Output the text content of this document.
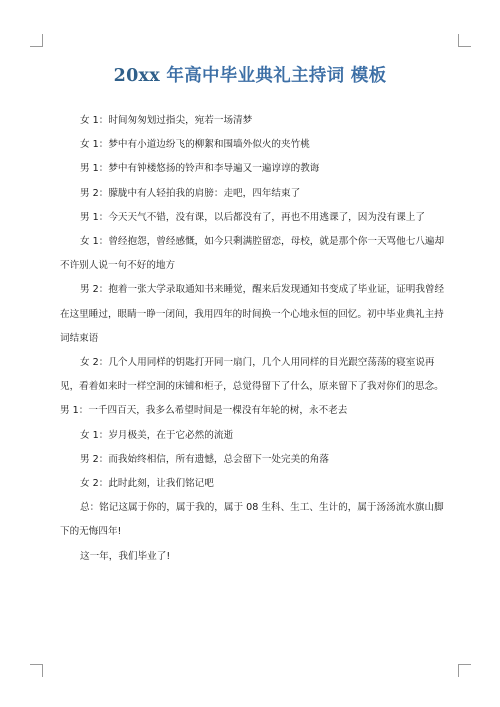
20xx 年高中毕业典礼主持词 模板

女 1：时间匆匆划过指尖，宛若一场清梦

女 1：梦中有小道边纷飞的柳絮和围墙外似火的夹竹桃

男 1：梦中有钟楼悠扬的铃声和李导遍又一遍谆谆的教诲

男 2：朦胧中有人轻拍我的肩膀：走吧，四年结束了

男 1：今天天气不错，没有课，以后都没有了，再也不用逃课了，因为没有课上了

女 1：曾经抱怨，曾经感慨，如今只剩满腔留恋，母校，就是那个你一天骂他七八遍却不许别人说一句不好的地方

男 2：抱着一张大学录取通知书来睡觉，醒来后发现通知书变成了毕业证，证明我曾经在这里睡过，眼睛一睁一闭间，我用四年的时间换一个心地永恒的回忆。初中毕业典礼主持词结束语

女 2：几个人用同样的钥匙打开同一扇门，几个人用同样的目光跟空荡荡的寝室说再见，看着如来时一样空洞的床铺和柜子，总觉得留下了什么，原来留下了我对你们的思念。男 1：一千四百天，我多么希望时间是一棵没有年轮的树，永不老去

女 1：岁月极美，在于它必然的流逝

男 2：而我始终相信，所有遗憾，总会留下一处完美的角落

女 2：此时此刻，让我们铭记吧

总：铭记这属于你的，属于我的，属于 08 生科、生工、生计的，属于汤汤流水旗山脚下的无悔四年!

这一年，我们毕业了!
